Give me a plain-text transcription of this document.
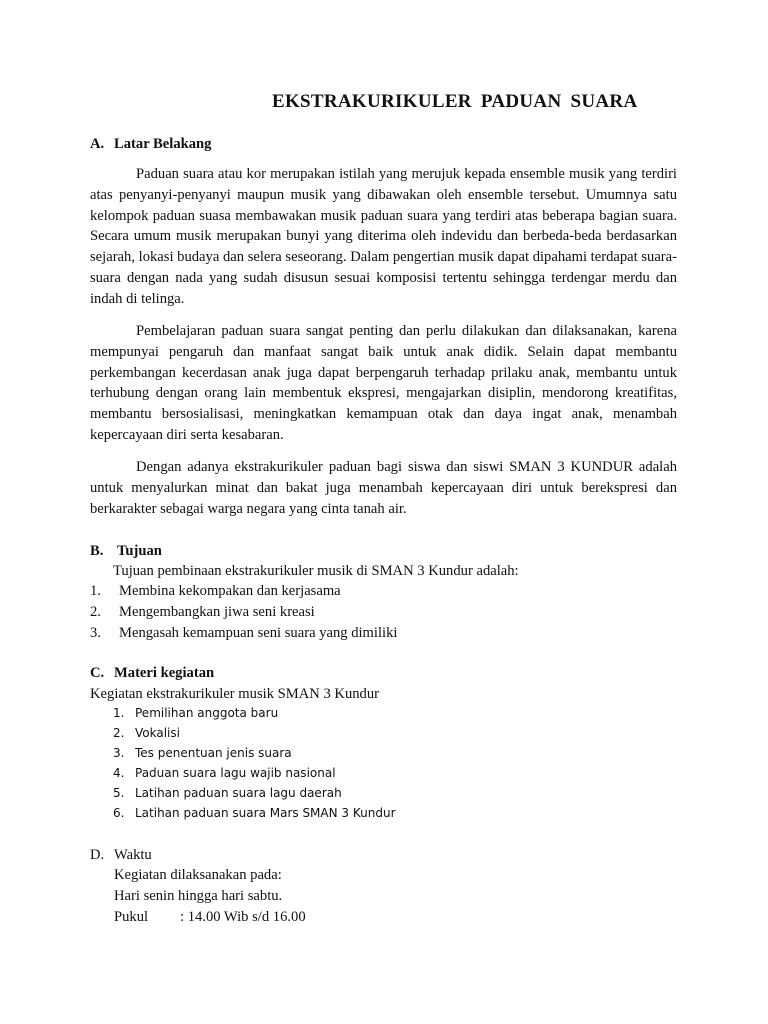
EKSTRAKURIKULER PADUAN SUARA
A. Latar Belakang
Paduan suara atau kor merupakan istilah yang merujuk kepada ensemble musik yang terdiri atas penyanyi-penyanyi maupun musik yang dibawakan oleh ensemble tersebut. Umumnya satu kelompok paduan suasa membawakan musik paduan suara yang terdiri atas beberapa bagian suara. Secara umum musik merupakan bunyi yang diterima oleh indevidu dan berbeda-beda berdasarkan sejarah, lokasi budaya dan selera seseorang. Dalam pengertian musik dapat dipahami terdapat suara-suara dengan nada yang sudah disusun sesuai komposisi tertentu sehingga terdengar merdu dan indah di telinga.
Pembelajaran paduan suara sangat penting dan perlu dilakukan dan dilaksanakan, karena mempunyai pengaruh dan manfaat sangat baik untuk anak didik. Selain dapat membantu perkembangan kecerdasan anak juga dapat berpengaruh terhadap prilaku anak, membantu untuk terhubung dengan orang lain membentuk ekspresi, mengajarkan disiplin, mendorong kreatifitas, membantu bersosialisasi, meningkatkan kemampuan otak dan daya ingat anak, menambah kepercayaan diri serta kesabaran.
Dengan adanya ekstrakurikuler paduan bagi siswa dan siswi SMAN 3 KUNDUR adalah untuk menyalurkan minat dan bakat juga menambah kepercayaan diri untuk berekspresi dan berkarakter sebagai warga negara yang cinta tanah air.
B. Tujuan
Tujuan pembinaan ekstrakurikuler musik di SMAN 3 Kundur adalah:
1. Membina kekompakan dan kerjasama
2. Mengembangkan jiwa seni kreasi
3. Mengasah kemampuan seni suara yang dimiliki
C. Materi kegiatan
Kegiatan ekstrakurikuler musik SMAN 3 Kundur
1. Pemilihan anggota baru
2. Vokalisi
3. Tes penentuan jenis suara
4. Paduan suara lagu wajib nasional
5. Latihan paduan suara lagu daerah
6. Latihan paduan suara Mars SMAN 3 Kundur
D. Waktu
Kegiatan dilaksanakan pada:
Hari senin hingga hari sabtu.
Pukul : 14.00 Wib s/d 16.00
